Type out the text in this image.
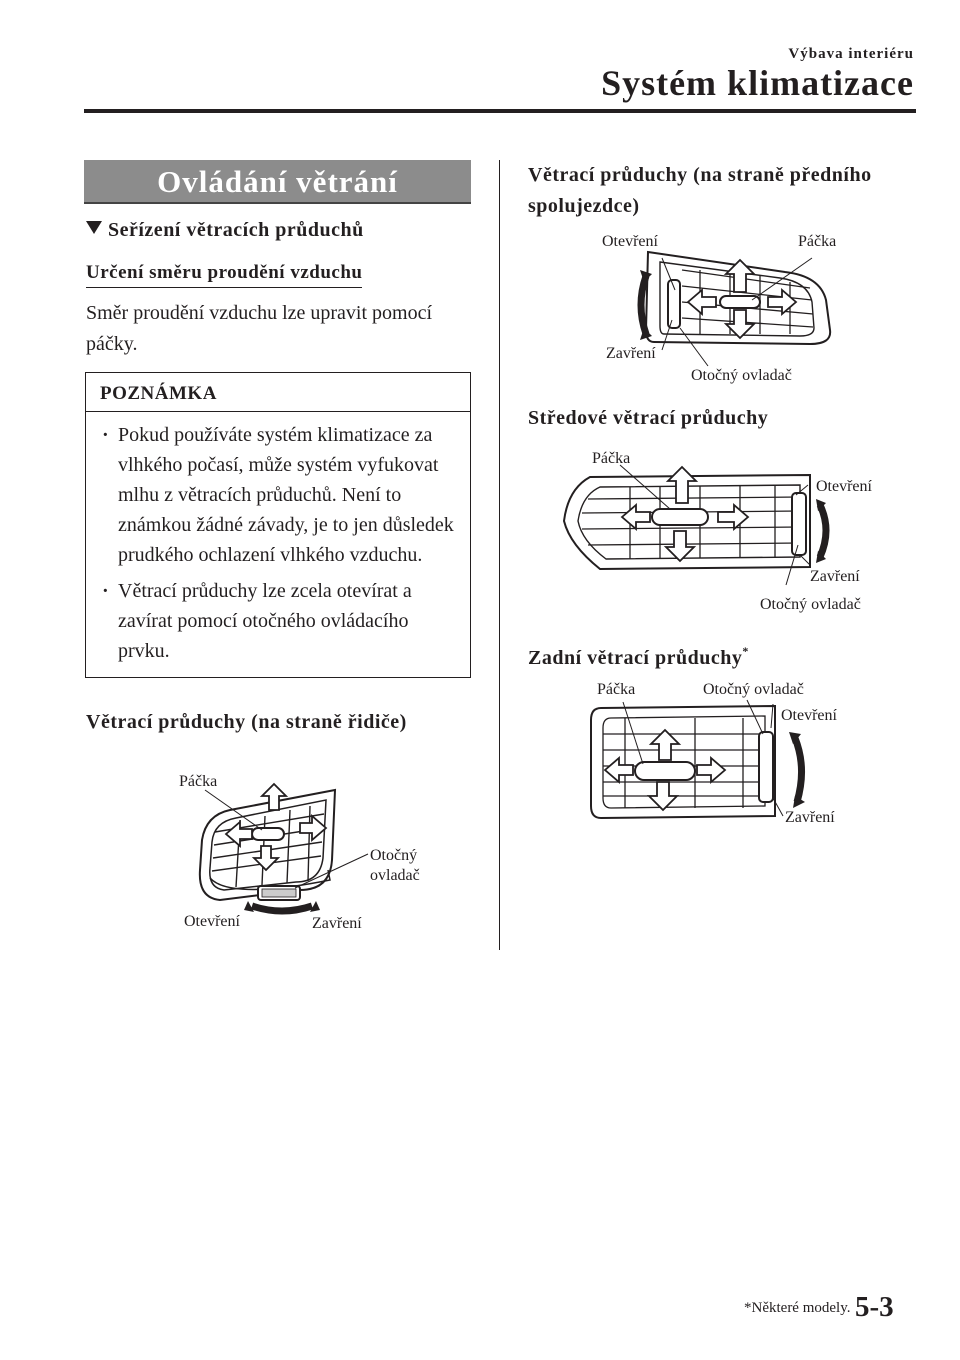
Výbava interiéru
Systém klimatizace
Ovládání větrání
Seřízení větracích průduchů
Určení směru proudění vzduchu
Směr proudění vzduchu lze upravit pomocí páčky.
POZNÁMKA
· Pokud používáte systém klimatizace za vlhkého počasí, může systém vyfukovat mlhu z větracích průduchů. Není to známkou žádné závady, je to jen důsledek prudkého ochlazení vlhkého vzduchu.
· Větrací průduchy lze zcela otevírat a zavírat pomocí otočného ovládacího prvku.
Větrací průduchy (na straně řidiče)
Páčka
Otočný
ovladač
Otevření	Zavření
Větrací průduchy (na straně předního spolujezdce)
Otevření	Páčka
Zavření
Otočný ovladač
Středové větrací průduchy
Páčka
Otevření
Zavření
Otočný ovladač
Zadní větrací průduchy*
Páčka	Otočný ovladač
Otevření
Zavření
*Některé modely. 5-3
